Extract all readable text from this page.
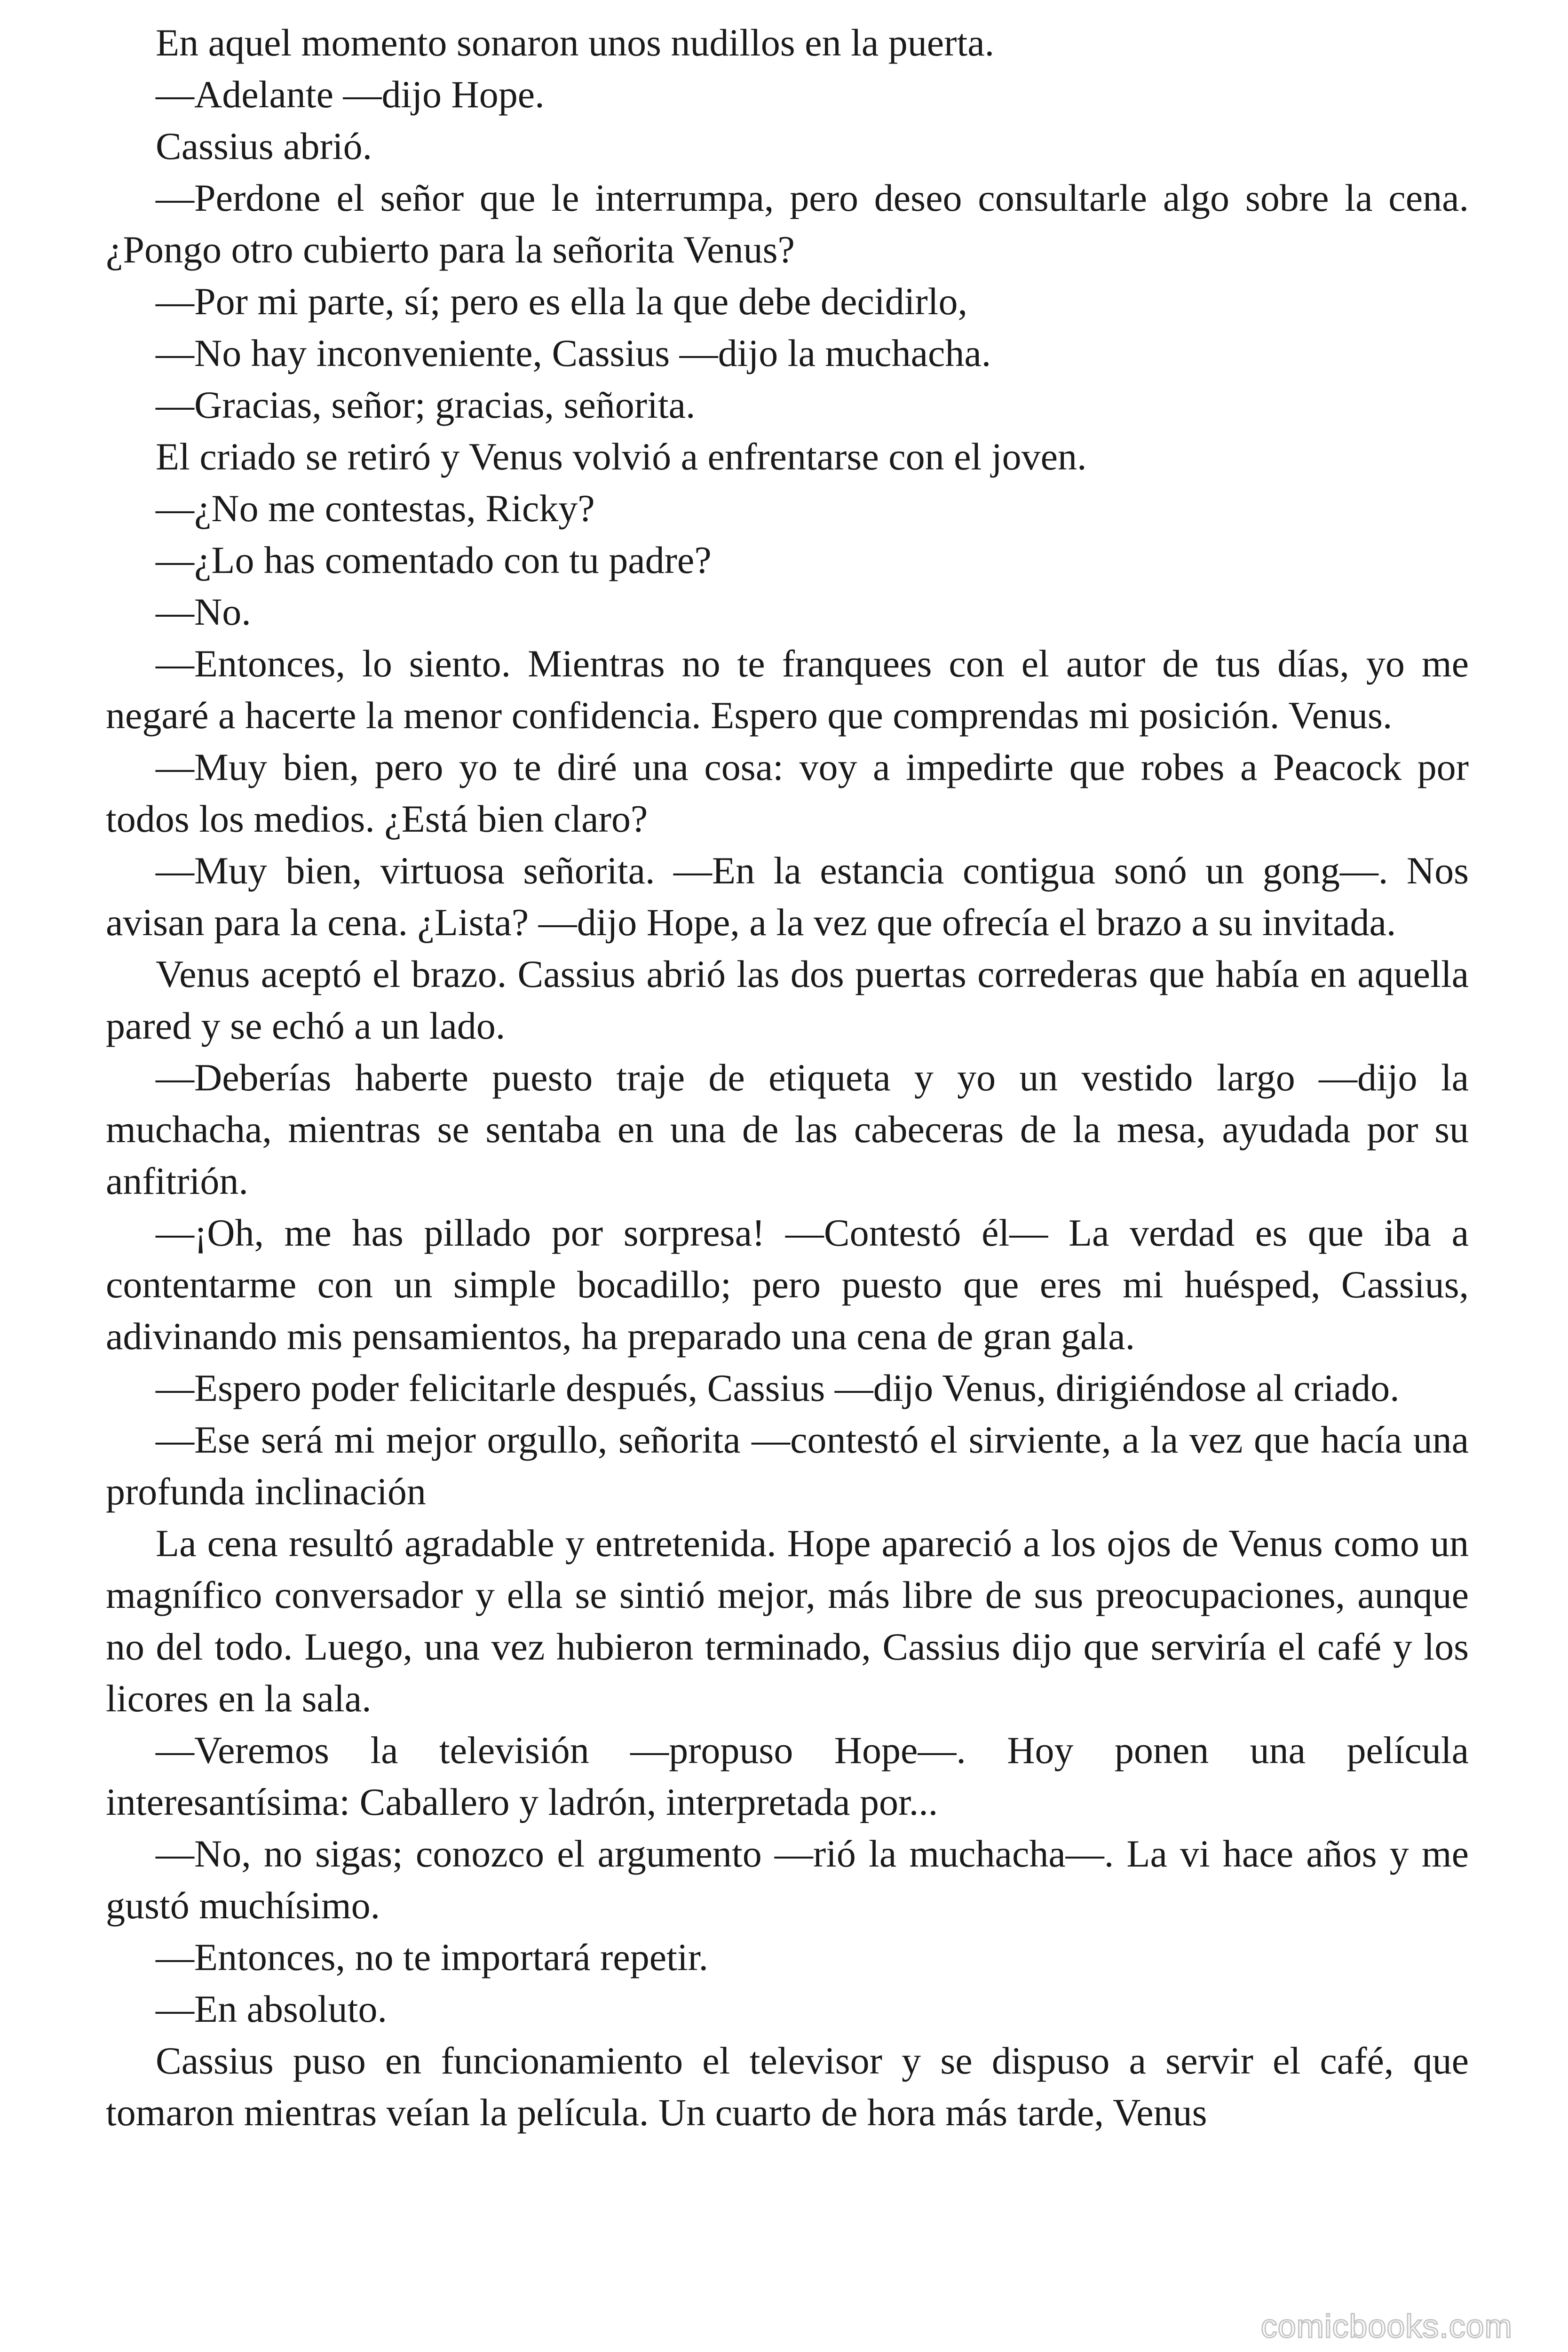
En aquel momento sonaron unos nudillos en la puerta.

—Adelante —dijo Hope.

Cassius abrió.

—Perdone el señor que le interrumpa, pero deseo consultarle algo sobre la cena. ¿Pongo otro cubierto para la señorita Venus?

—Por mi parte, sí; pero es ella la que debe decidirlo,

—No hay inconveniente, Cassius —dijo la muchacha.

—Gracias, señor; gracias, señorita.

El criado se retiró y Venus volvió a enfrentarse con el joven.

—¿No me contestas, Ricky?

—¿Lo has comentado con tu padre?

—No.

—Entonces, lo siento. Mientras no te franquees con el autor de tus días, yo me negaré a hacerte la menor confidencia. Espero que comprendas mi posición. Venus.

—Muy bien, pero yo te diré una cosa: voy a impedirte que robes a Peacock por todos los medios. ¿Está bien claro?

—Muy bien, virtuosa señorita. —En la estancia contigua sonó un gong—. Nos avisan para la cena. ¿Lista? —dijo Hope, a la vez que ofrecía el brazo a su invitada.

Venus aceptó el brazo. Cassius abrió las dos puertas correderas que había en aquella pared y se echó a un lado.

—Deberías haberte puesto traje de etiqueta y yo un vestido largo —dijo la muchacha, mientras se sentaba en una de las cabeceras de la mesa, ayudada por su anfitrión.

—¡Oh, me has pillado por sorpresa! —Contestó él— La verdad es que iba a contentarme con un simple bocadillo; pero puesto que eres mi huésped, Cassius, adivinando mis pensamientos, ha preparado una cena de gran gala.

—Espero poder felicitarle después, Cassius —dijo Venus, dirigiéndose al criado.

—Ese será mi mejor orgullo, señorita —contestó el sirviente, a la vez que hacía una profunda inclinación

La cena resultó agradable y entretenida. Hope apareció a los ojos de Venus como un magnífico conversador y ella se sintió mejor, más libre de sus preocupaciones, aunque no del todo. Luego, una vez hubieron terminado, Cassius dijo que serviría el café y los licores en la sala.

—Veremos la televisión —propuso Hope—. Hoy ponen una película interesantísima: Caballero y ladrón, interpretada por...

—No, no sigas; conozco el argumento —rió la muchacha—. La vi hace años y me gustó muchísimo.

—Entonces, no te importará repetir.

—En absoluto.

Cassius puso en funcionamiento el televisor y se dispuso a servir el café, que tomaron mientras veían la película. Un cuarto de hora más tarde, Venus

comicbooks.com
